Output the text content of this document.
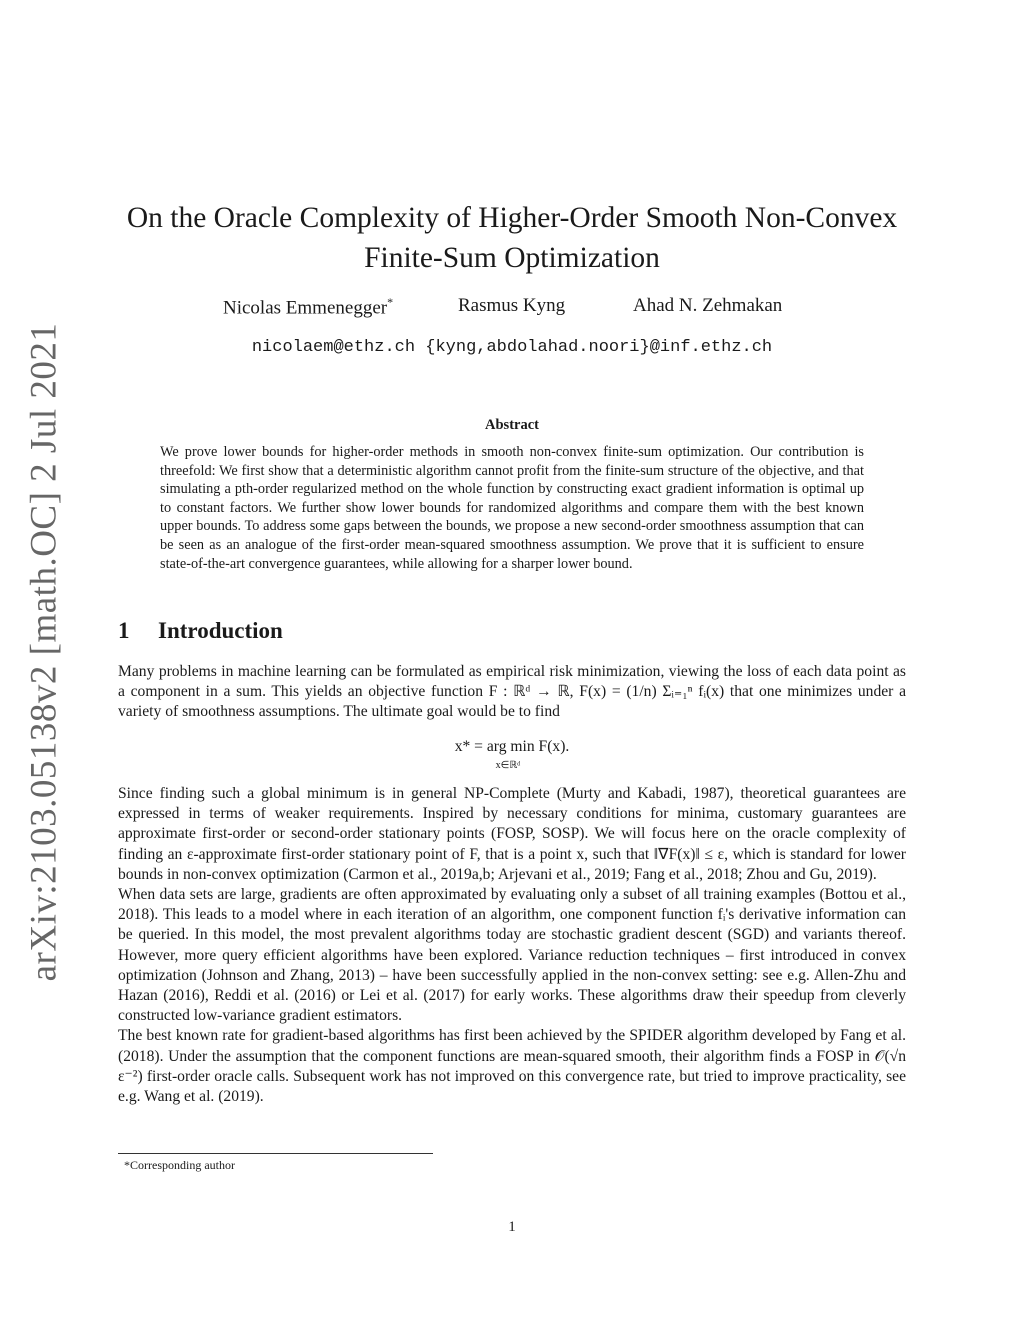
arXiv:2103.05138v2 [math.OC] 2 Jul 2021
On the Oracle Complexity of Higher-Order Smooth Non-Convex
Finite-Sum Optimization
Nicolas Emmenegger*	Rasmus Kyng	Ahad N. Zehmakan
nicolaem@ethz.ch {kyng,abdolahad.noori}@inf.ethz.ch
Abstract

We prove lower bounds for higher-order methods in smooth non-convex finite-sum optimization. Our contribution is threefold: We first show that a deterministic algorithm cannot profit from the finite-sum structure of the objective, and that simulating a pth-order regularized method on the whole function by constructing exact gradient information is optimal up to constant factors. We further show lower bounds for randomized algorithms and compare them with the best known upper bounds. To address some gaps between the bounds, we propose a new second-order smoothness assumption that can be seen as an analogue of the first-order mean-squared smoothness assumption. We prove that it is sufficient to ensure state-of-the-art convergence guarantees, while allowing for a sharper lower bound.

1 Introduction

Many problems in machine learning can be formulated as empirical risk minimization, viewing the loss of each data point as a component in a sum. This yields an objective function F : ℝᵈ → ℝ, F(x) = (1/n) Σᵢ₌₁ⁿ fᵢ(x) that one minimizes under a variety of smoothness assumptions. The ultimate goal would be to find

x* = arg min F(x).
x∈ℝᵈ

Since finding such a global minimum is in general NP-Complete (Murty and Kabadi, 1987), theoretical guarantees are expressed in terms of weaker requirements. Inspired by necessary conditions for minima, customary guarantees are approximate first-order or second-order stationary points (FOSP, SOSP). We will focus here on the oracle complexity of finding an ε-approximate first-order stationary point of F, that is a point x, such that ‖∇F(x)‖ ≤ ε, which is standard for lower bounds in non-convex optimization (Carmon et al., 2019a,b; Arjevani et al., 2019; Fang et al., 2018; Zhou and Gu, 2019).

When data sets are large, gradients are often approximated by evaluating only a subset of all training examples (Bottou et al., 2018). This leads to a model where in each iteration of an algorithm, one component function fᵢ's derivative information can be queried. In this model, the most prevalent algorithms today are stochastic gradient descent (SGD) and variants thereof. However, more query efficient algorithms have been explored. Variance reduction techniques – first introduced in convex optimization (Johnson and Zhang, 2013) – have been successfully applied in the non-convex setting: see e.g. Allen-Zhu and Hazan (2016), Reddi et al. (2016) or Lei et al. (2017) for early works. These algorithms draw their speedup from cleverly constructed low-variance gradient estimators.

The best known rate for gradient-based algorithms has first been achieved by the SPIDER algorithm developed by Fang et al. (2018). Under the assumption that the component functions are mean-squared smooth, their algorithm finds a FOSP in 𝒪(√n ε⁻²) first-order oracle calls. Subsequent work has not improved on this convergence rate, but tried to improve practicality, see e.g. Wang et al. (2019).

*Corresponding author
1
